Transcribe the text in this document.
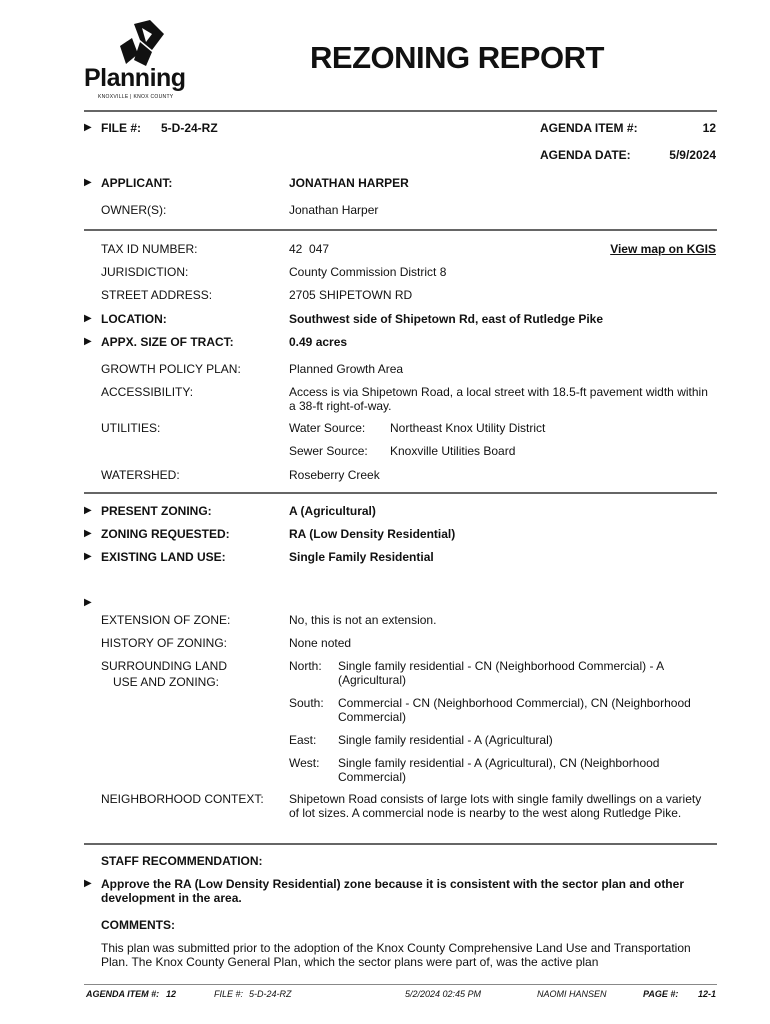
Planning
KNOXVILLE | KNOX COUNTY
REZONING REPORT
▶ FILE #: 5-D-24-RZ	AGENDA ITEM #:	12
AGENDA DATE:	5/9/2024
▶ APPLICANT:	JONATHAN HARPER
OWNER(S):	Jonathan Harper
TAX ID NUMBER:	42  047	View map on KGIS
JURISDICTION:	County Commission District 8
STREET ADDRESS:	2705 SHIPETOWN RD
▶ LOCATION:	Southwest side of Shipetown Rd, east of Rutledge Pike
▶ APPX. SIZE OF TRACT:	0.49 acres
GROWTH POLICY PLAN:	Planned Growth Area
ACCESSIBILITY:	Access is via Shipetown Road, a local street with 18.5-ft pavement width within a 38-ft right-of-way.
UTILITIES:	Water Source: Northeast Knox Utility District
Sewer Source: Knoxville Utilities Board
WATERSHED:	Roseberry Creek
▶ PRESENT ZONING:	A (Agricultural)
▶ ZONING REQUESTED:	RA (Low Density Residential)
▶ EXISTING LAND USE:	Single Family Residential
▶
EXTENSION OF ZONE:	No, this is not an extension.
HISTORY OF ZONING:	None noted
SURROUNDING LAND
USE AND ZONING:
North: Single family residential - CN (Neighborhood Commercial) - A (Agricultural)
South: Commercial - CN (Neighborhood Commercial), CN (Neighborhood Commercial)
East: Single family residential - A (Agricultural)
West: Single family residential - A (Agricultural), CN (Neighborhood Commercial)
NEIGHBORHOOD CONTEXT: Shipetown Road consists of large lots with single family dwellings on a variety of lot sizes. A commercial node is nearby to the west along Rutledge Pike.
STAFF RECOMMENDATION:
▶ Approve the RA (Low Density Residential) zone because it is consistent with the sector plan and other development in the area.
COMMENTS:
This plan was submitted prior to the adoption of the Knox County Comprehensive Land Use and Transportation Plan. The Knox County General Plan, which the sector plans were part of, was the active plan
AGENDA ITEM #: 12	FILE #: 5-D-24-RZ	5/2/2024 02:45 PM	NAOMI HANSEN	PAGE #: 12-1
